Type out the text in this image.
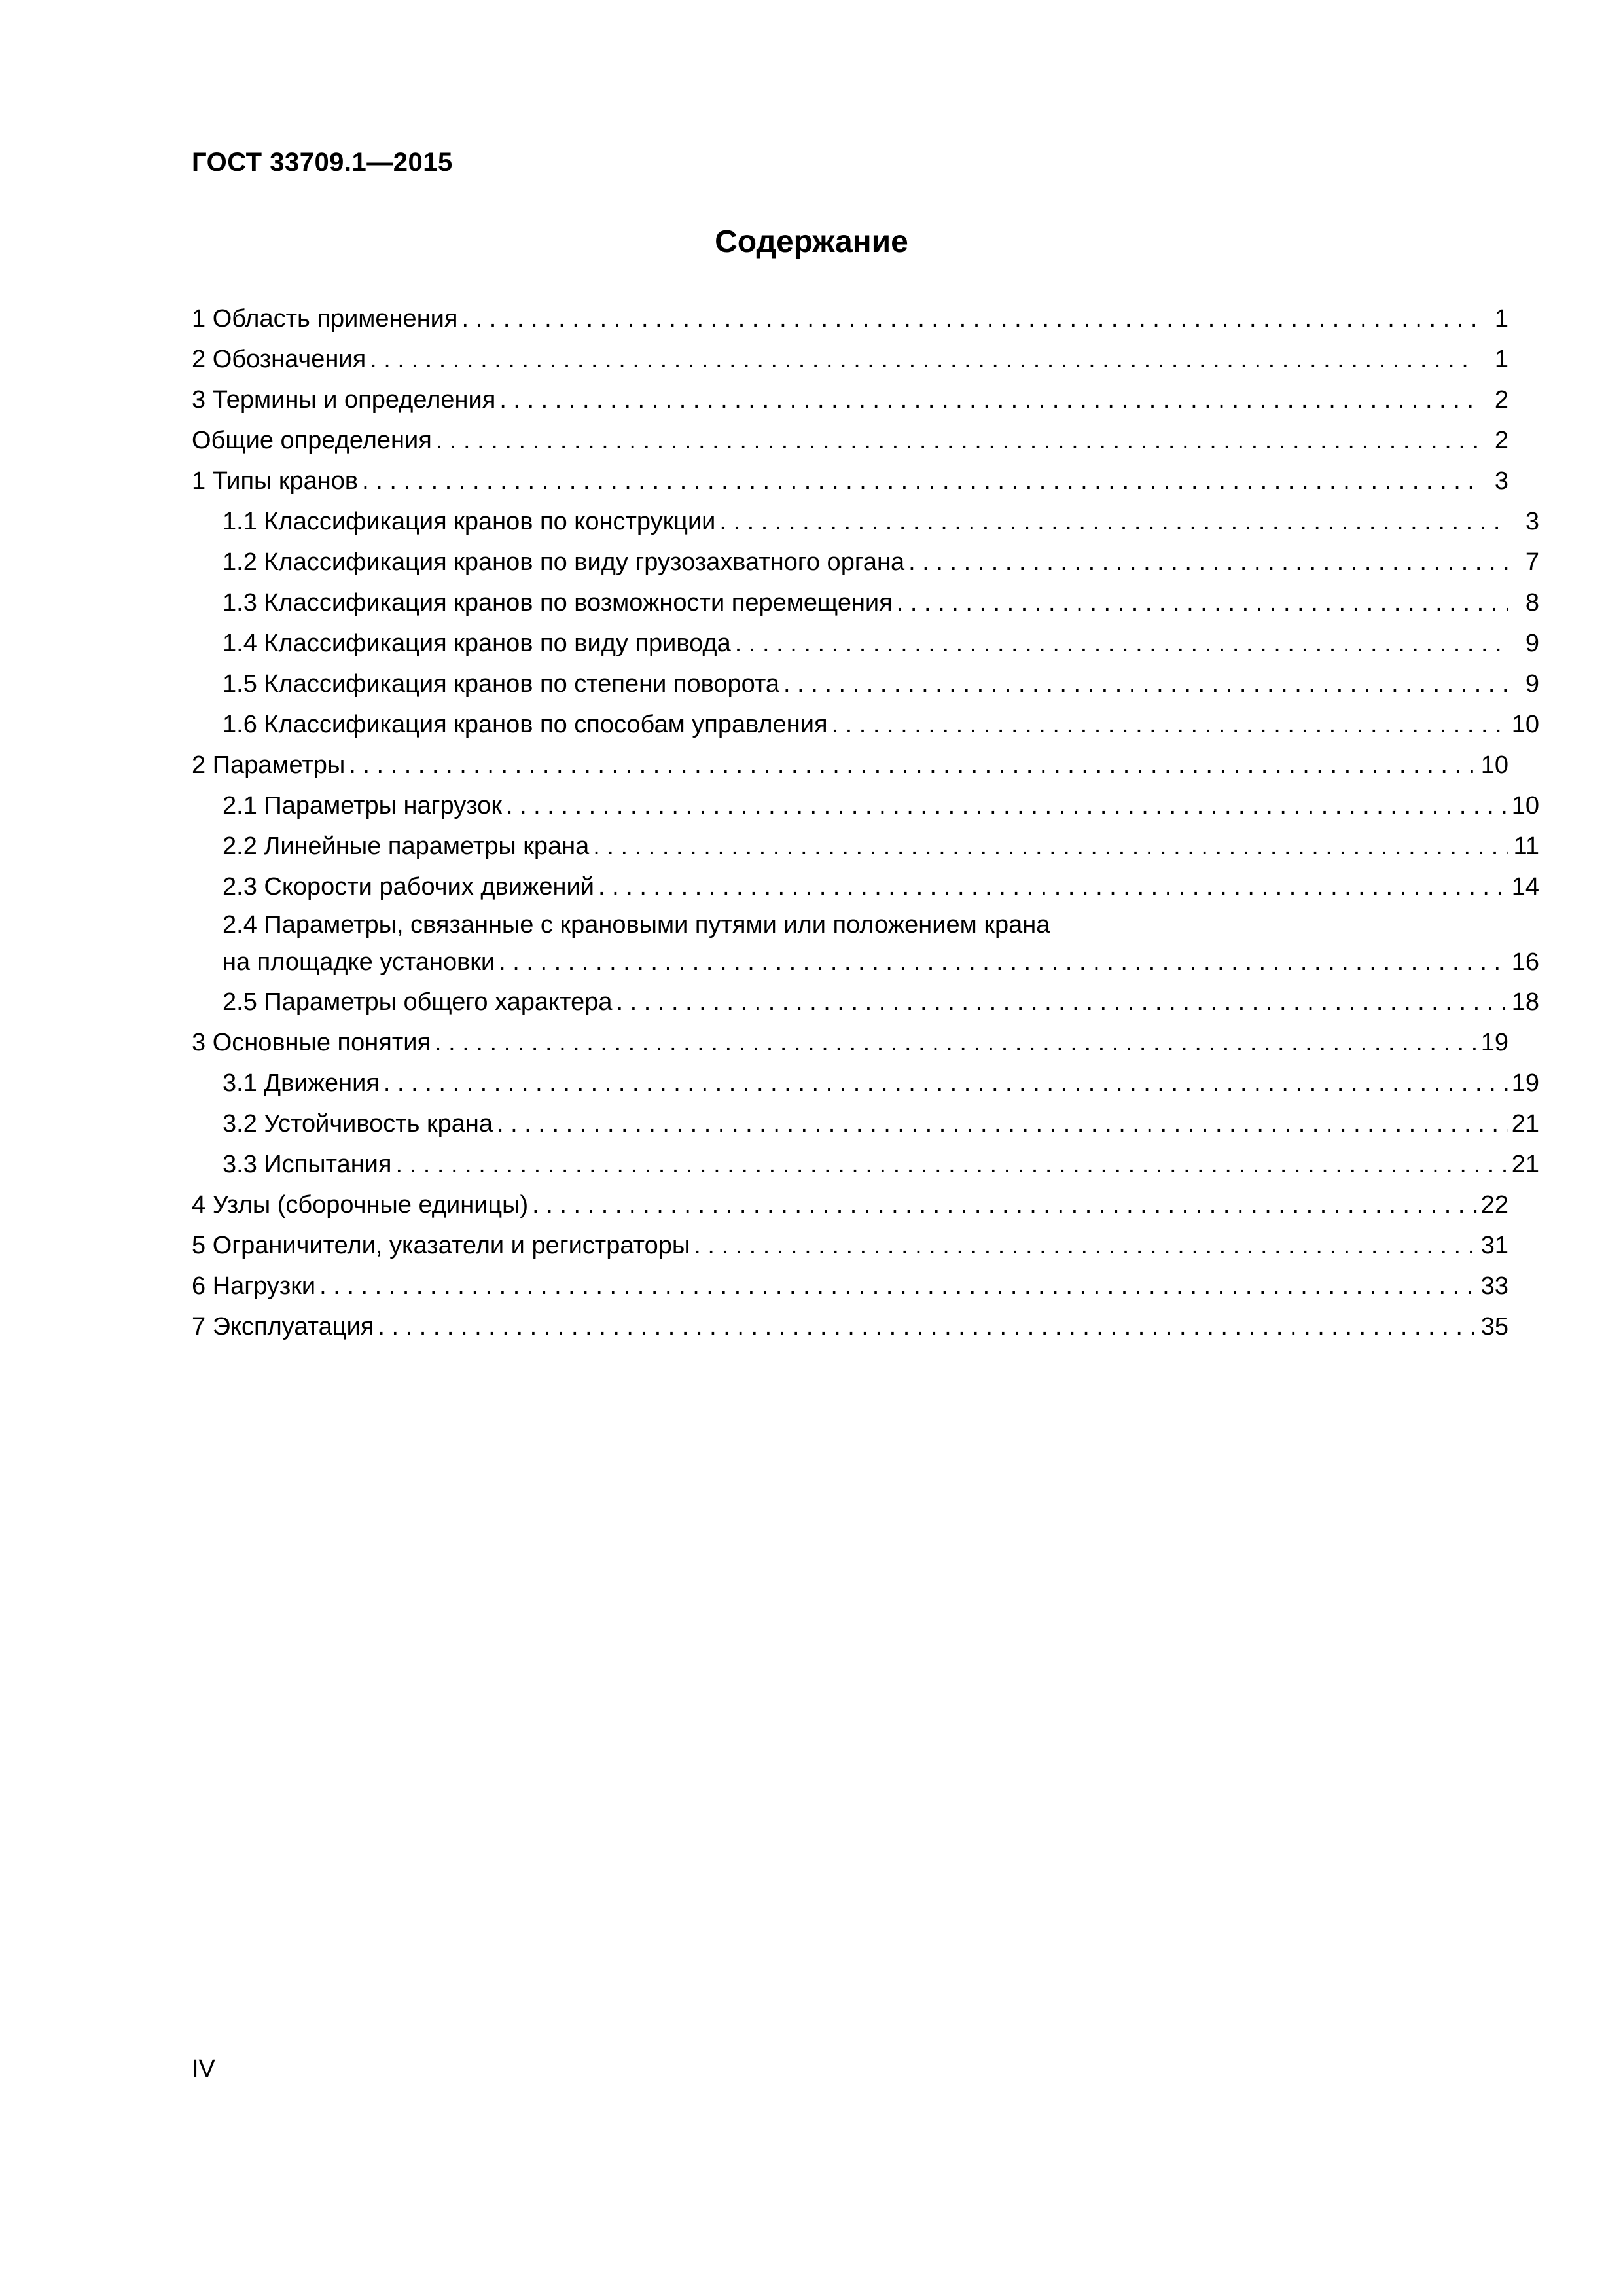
ГОСТ 33709.1—2015
Содержание
1 Область применения . . .	1
2 Обозначения . . .	1
3 Термины и определения . . .	2
Общие определения . . .	2
1 Типы кранов . . .	3
1.1 Классификация кранов по конструкции . . .	3
1.2 Классификация кранов по виду грузозахватного органа . . .	7
1.3 Классификация кранов по возможности перемещения . . .	8
1.4 Классификация кранов по виду привода . . .	9
1.5 Классификация кранов по степени поворота . . .	9
1.6 Классификация кранов по способам управления . . .	10
2 Параметры . . .	10
2.1 Параметры нагрузок . . .	10
2.2 Линейные параметры крана . . .	11
2.3 Скорости рабочих движений . . .	14
2.4 Параметры, связанные с крановыми путями или положением крана
на площадке установки . . .	16
2.5 Параметры общего характера . . .	18
3 Основные понятия . . .	19
3.1 Движения . . .	19
3.2 Устойчивость крана . . .	21
3.3 Испытания . . .	21
4 Узлы (сборочные единицы) . . .	22
5 Ограничители, указатели и регистраторы . . .	31
6 Нагрузки . . .	33
7 Эксплуатация . . .	35
IV
